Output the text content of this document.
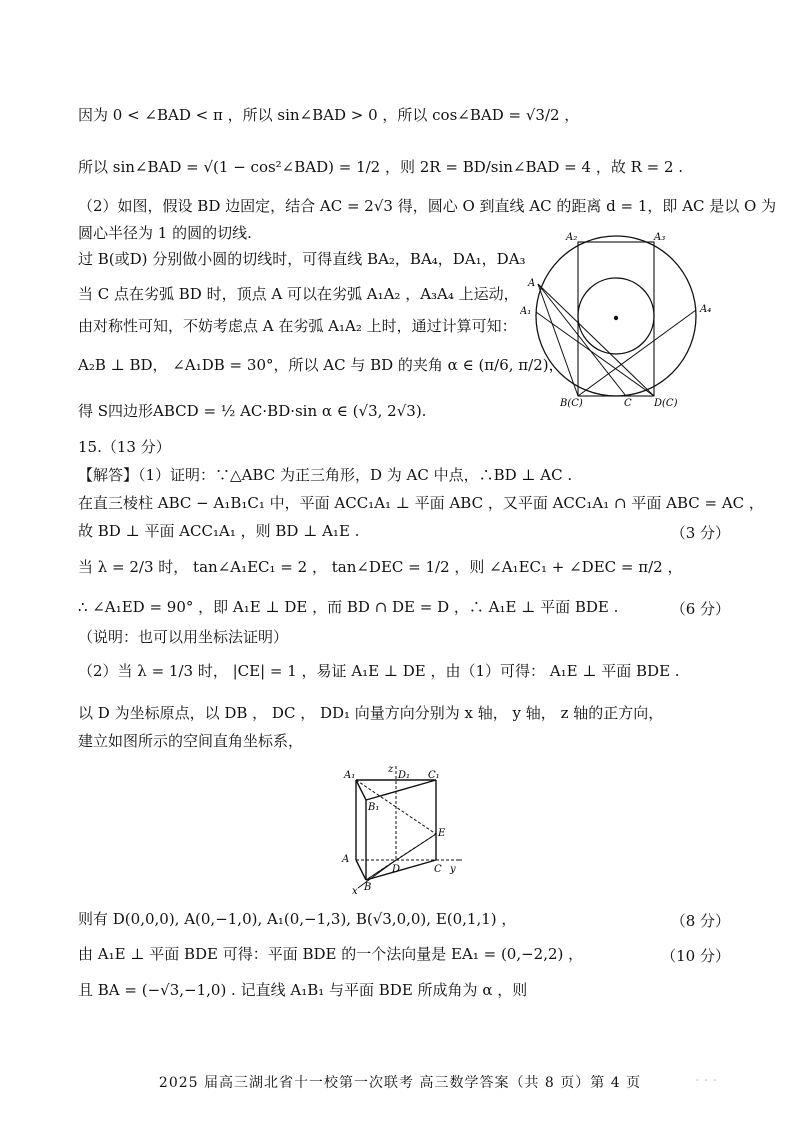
因为 0 < ∠BAD < π ，所以 sin∠BAD > 0 ，所以 cos∠BAD = √3/2 ，
所以 sin∠BAD = √(1 − cos²∠BAD) = 1/2 ，则 2R = BD/sin∠BAD = 4 ，故 R = 2 .
（2）如图，假设 BD 边固定，结合 AC = 2√3 得，圆心 O 到直线 AC 的距离 d = 1，即 AC 是以 O 为
圆心半径为 1 的圆的切线.
过 B(或D) 分别做小圆的切线时，可得直线 BA₂，BA₄，DA₁，DA₃
当 C 点在劣弧 BD 时，顶点 A 可以在劣弧 A₁A₂ ，A₃A₄ 上运动，
由对称性可知，不妨考虑点 A 在劣弧 A₁A₂ 上时，通过计算可知：
A₂B ⊥ BD， ∠A₁DB = 30°，所以 AC 与 BD 的夹角 α ∈ (π/6, π/2)，
得 S四边形ABCD = ½ AC·BD·sin α ∈ (√3, 2√3).
15.（13 分）
【解答】（1）证明：∵△ABC 为正三角形，D 为 AC 中点，∴BD ⊥ AC .
在直三棱柱 ABC − A₁B₁C₁ 中，平面 ACC₁A₁ ⊥ 平面 ABC ，又平面 ACC₁A₁ ∩ 平面 ABC = AC ，
故 BD ⊥ 平面 ACC₁A₁ ，则 BD ⊥ A₁E .	（3 分）
当 λ = 2/3 时， tan∠A₁EC₁ = 2 ， tan∠DEC = 1/2 ，则 ∠A₁EC₁ + ∠DEC = π/2 ，
∴ ∠A₁ED = 90° ，即 A₁E ⊥ DE ，而 BD ∩ DE = D ，∴ A₁E ⊥ 平面 BDE .	（6 分）
（说明：也可以用坐标法证明）
（2）当 λ = 1/3 时， |CE| = 1 ，易证 A₁E ⊥ DE ，由（1）可得： A₁E ⊥ 平面 BDE .
以 D 为坐标原点，以 DB ， DC ， DD₁ 向量方向分别为 x 轴， y 轴， z 轴的正方向，
建立如图所示的空间直角坐标系，
A₂	A₃
A
A₄
A₁
B(C)	C D(C)
A₁
z
D₁ C₁
B₁
E
A
D	C y
B
x
则有 D(0,0,0), A(0,−1,0), A₁(0,−1,3), B(√3,0,0), E(0,1,1) ，	（8 分）
由 A₁E ⊥ 平面 BDE 可得：平面 BDE 的一个法向量是 EA₁ = (0,−2,2) ，	（10 分）
且 BA = (−√3,−1,0) . 记直线 A₁B₁ 与平面 BDE 所成角为 α ，则
2025 届高三湖北省十一校第一次联考 高三数学答案（共 8 页）第 4 页	· · ·
